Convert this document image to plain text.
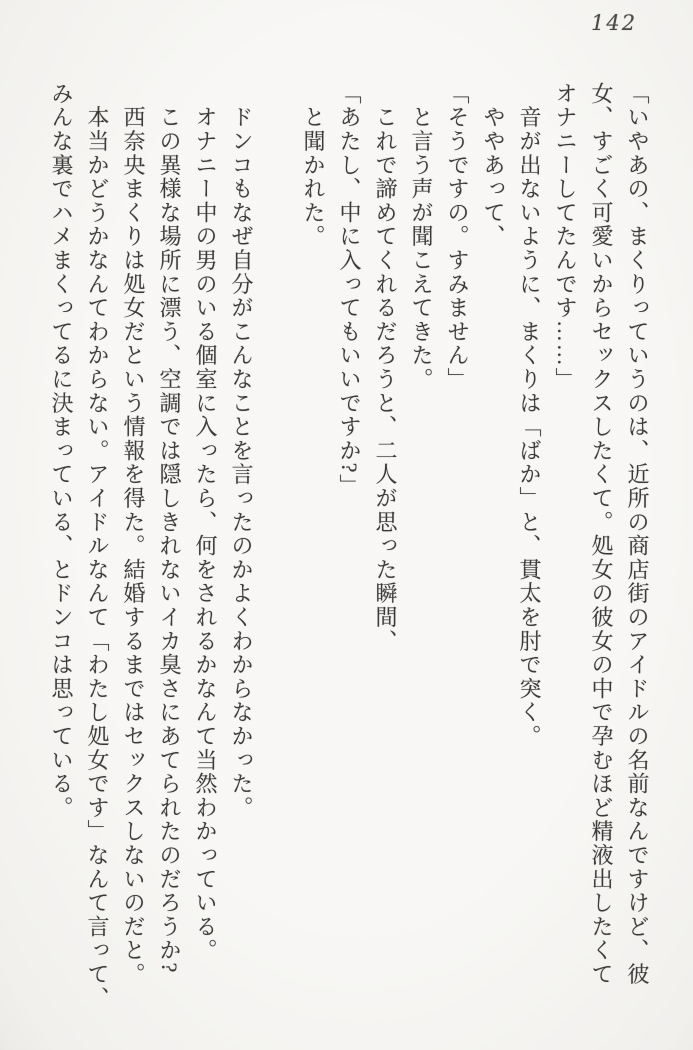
142

「いやあの、まくりっていうのは、近所の商店街のアイドルの名前なんですけど、彼

女、すごく可愛いからセックスしたくて。処女の彼女の中で孕むほど精液出したくて

オナニーしてたんです……」

　音が出ないように、まくりは「ばか」と、貫太を肘で突く。

　ややあって、

「そうですの。すみません」

　と言う声が聞こえてきた。

　これで諦めてくれるだろうと、二人が思った瞬間、

「あたし、中に入ってもいいですか?」

　と聞かれた。

　ドンコもなぜ自分がこんなことを言ったのかよくわからなかった。

　オナニー中の男のいる個室に入ったら、何をされるかなんて当然わかっている。

　この異様な場所に漂う、空調では隠しきれないイカ臭さにあてられたのだろうか?

　西奈央まくりは処女だという情報を得た。結婚するまではセックスしないのだと。

　本当かどうかなんてわからない。アイドルなんて「わたし処女です」なんて言って、

みんな裏でハメまくってるに決まっている、とドンコは思っている。
